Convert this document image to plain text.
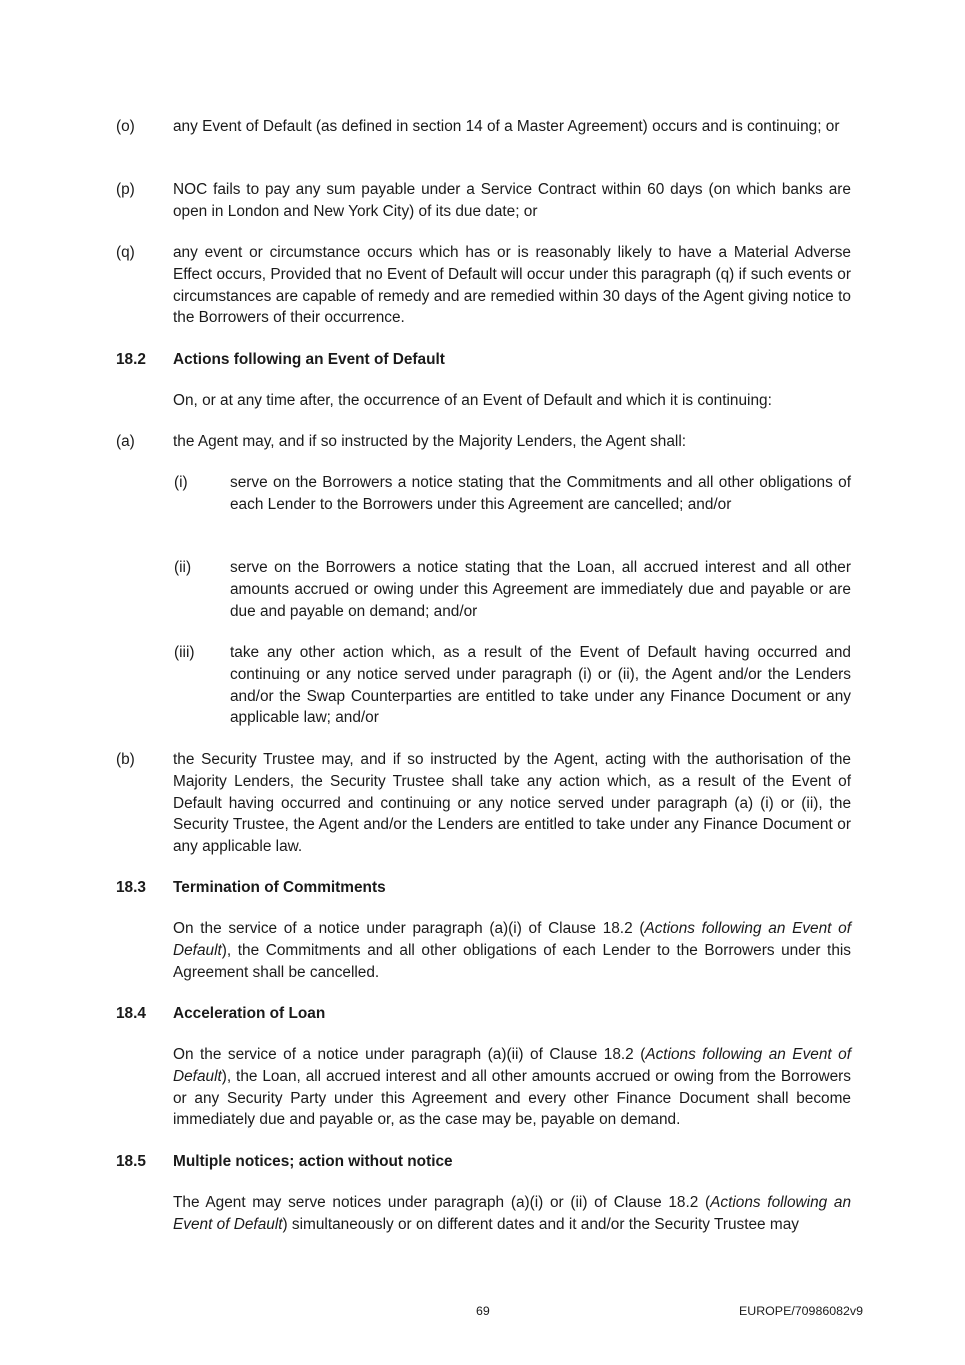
(o) any Event of Default (as defined in section 14 of a Master Agreement) occurs and is continuing; or
(p) NOC fails to pay any sum payable under a Service Contract within 60 days (on which banks are open in London and New York City) of its due date; or
(q) any event or circumstance occurs which has or is reasonably likely to have a Material Adverse Effect occurs, Provided that no Event of Default will occur under this paragraph (q) if such events or circumstances are capable of remedy and are remedied within 30 days of the Agent giving notice to the Borrowers of their occurrence.
18.2 Actions following an Event of Default
On, or at any time after, the occurrence of an Event of Default and which it is continuing:
(a) the Agent may, and if so instructed by the Majority Lenders, the Agent shall:
(i)	serve on the Borrowers a notice stating that the Commitments and all other obligations of each Lender to the Borrowers under this Agreement are cancelled; and/or
(ii)	serve on the Borrowers a notice stating that the Loan, all accrued interest and all other amounts accrued or owing under this Agreement are immediately due and payable or are due and payable on demand; and/or
(iii) take any other action which, as a result of the Event of Default having occurred and continuing or any notice served under paragraph (i) or (ii), the Agent and/or the Lenders and/or the Swap Counterparties are entitled to take under any Finance Document or any applicable law; and/or
(b) the Security Trustee may, and if so instructed by the Agent, acting with the authorisation of the Majority Lenders, the Security Trustee shall take any action which, as a result of the Event of Default having occurred and continuing or any notice served under paragraph (a) (i) or (ii), the Security Trustee, the Agent and/or the Lenders are entitled to take under any Finance Document or any applicable law.
18.3 Termination of Commitments
On the service of a notice under paragraph (a)(i) of Clause 18.2 (Actions following an Event of Default), the Commitments and all other obligations of each Lender to the Borrowers under this Agreement shall be cancelled.
18.4 Acceleration of Loan
On the service of a notice under paragraph (a)(ii) of Clause 18.2 (Actions following an Event of Default), the Loan, all accrued interest and all other amounts accrued or owing from the Borrowers or any Security Party under this Agreement and every other Finance Document shall become immediately due and payable or, as the case may be, payable on demand.
18.5 Multiple notices; action without notice
The Agent may serve notices under paragraph (a)(i) or (ii) of Clause 18.2 (Actions following an Event of Default) simultaneously or on different dates and it and/or the Security Trustee may
69	EUROPE/70986082v9
